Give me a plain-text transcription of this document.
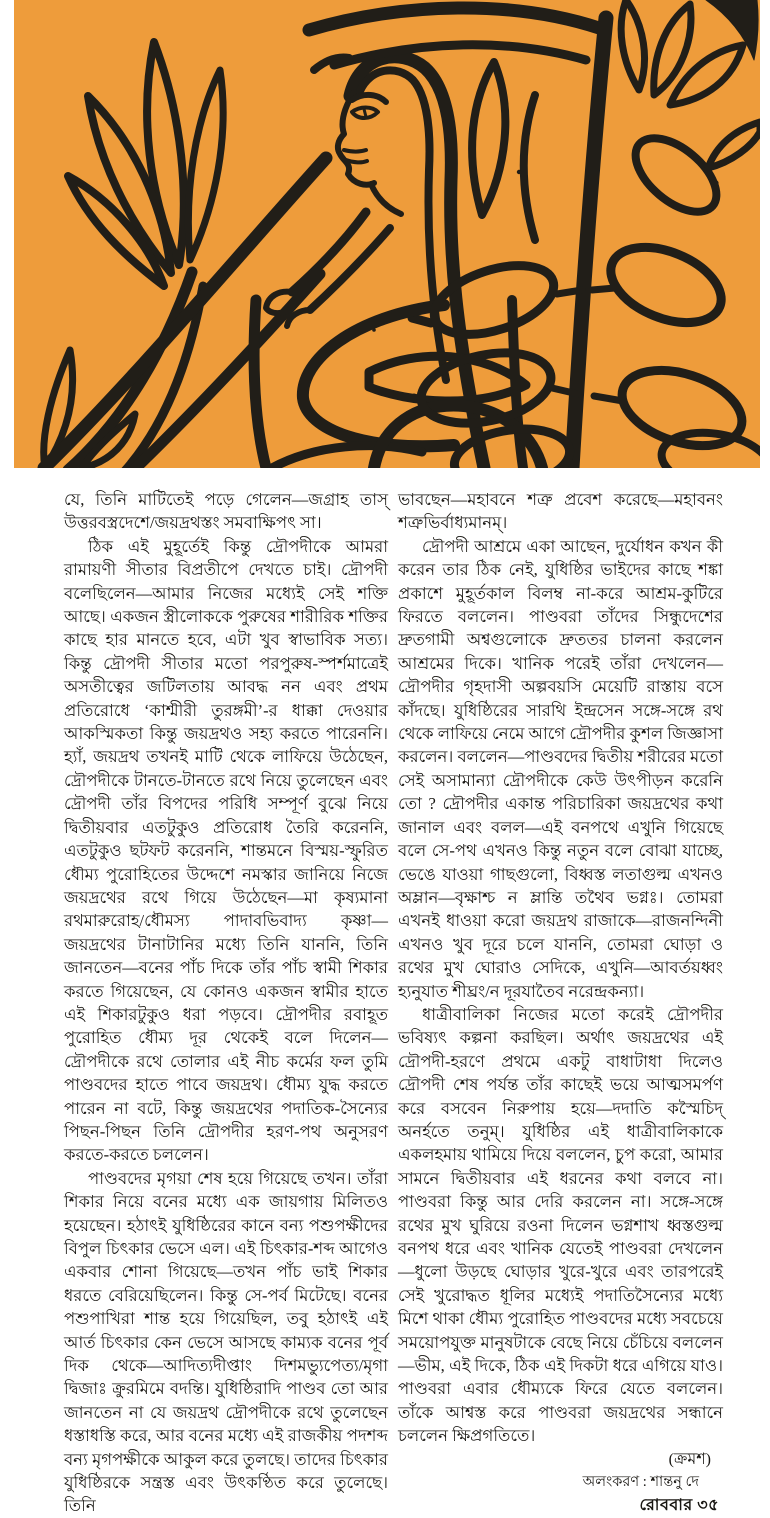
যে, তিনি মাটিতেই পড়ে গেলেন—জগ্রাহ তাস্ উত্তরবস্ত্রদেশে/জয়দ্রথস্তং সমবাক্ষিপৎ সা।

ঠিক এই মুহূর্তেই কিন্তু দ্রৌপদীকে আমরা রামায়ণী সীতার বিপ্রতীপে দেখতে চাই। দ্রৌপদী বলেছিলেন—আমার নিজের মধ্যেই সেই শক্তি আছে। একজন স্ত্রীলোককে পুরুষের শারীরিক শক্তির কাছে হার মানতে হবে, এটা খুব স্বাভাবিক সত্য। কিন্তু দ্রৌপদী সীতার মতো পরপুরুষ-স্পর্শমাত্রেই অসতীত্বের জটিলতায় আবদ্ধ নন এবং প্রথম প্রতিরোধে ‘কাশ্মীরী তুরঙ্গমী’-র ধাক্কা দেওয়ার আকস্মিকতা কিন্তু জয়দ্রথও সহ্য করতে পারেননি। হ্যাঁ, জয়দ্রথ তখনই মাটি থেকে লাফিয়ে উঠেছেন, দ্রৌপদীকে টানতে-টানতে রথে নিয়ে তুলেছেন এবং দ্রৌপদী তাঁর বিপদের পরিধি সম্পূর্ণ বুঝে নিয়ে দ্বিতীয়বার এতটুকুও প্রতিরোধ তৈরি করেননি, এতটুকুও ছটফট করেননি, শান্তমনে বিস্ময়-স্ফুরিত ধৌম্য পুরোহিতের উদ্দেশে নমস্কার জানিয়ে নিজে জয়দ্রথের রথে গিয়ে উঠেছেন—মা কৃষ্যমানা রথমারুরোহ/ধৌমস্য পাদাবভিবাদ্য কৃষ্ণা—জয়দ্রথের টানাটানির মধ্যে তিনি যাননি, তিনি জানতেন—বনের পাঁচ দিকে তাঁর পাঁচ স্বামী শিকার করতে গিয়েছেন, যে কোনও একজন স্বামীর হাতে এই শিকারটুকুও ধরা পড়বে। দ্রৌপদীর রবাহূত পুরোহিত ধৌম্য দূর থেকেই বলে দিলেন—দ্রৌপদীকে রথে তোলার এই নীচ কর্মের ফল তুমি পাণ্ডবদের হাতে পাবে জয়দ্রথ। ধৌম্য যুদ্ধ করতে পারেন না বটে, কিন্তু জয়দ্রথের পদাতিক-সৈন্যের পিছন-পিছন তিনি দ্রৌপদীর হরণ-পথ অনুসরণ করতে-করতে চললেন।

পাণ্ডবদের মৃগয়া শেষ হয়ে গিয়েছে তখন। তাঁরা শিকার নিয়ে বনের মধ্যে এক জায়গায় মিলিতও হয়েছেন। হঠাৎই যুধিষ্ঠিরের কানে বন্য পশুপক্ষীদের বিপুল চিৎকার ভেসে এল। এই চিৎকার-শব্দ আগেও একবার শোনা গিয়েছে—তখন পাঁচ ভাই শিকার ধরতে বেরিয়েছিলেন। কিন্তু সে-পর্ব মিটেছে। বনের পশুপাখিরা শান্ত হয়ে গিয়েছিল, তবু হঠাৎই এই আর্ত চিৎকার কেন ভেসে আসছে কাম্যক বনের পূর্ব দিক থেকে—আদিত্যদীপ্তাং দিশমভ্যুপেত্য/মৃগা দ্বিজাঃ ক্রুরমিমে বদন্তি। যুধিষ্ঠিরাদি পাণ্ডব তো আর জানতেন না যে জয়দ্রথ দ্রৌপদীকে রথে তুলেছেন ধস্তাধস্তি করে, আর বনের মধ্যে এই রাজকীয় পদশব্দ বন্য মৃগপক্ষীকে আকুল করে তুলছে। তাদের চিৎকার যুধিষ্ঠিরকে সন্ত্রস্ত এবং উৎকণ্ঠিত করে তুলেছে। তিনি

ভাবছেন—মহাবনে শত্রু প্রবেশ করেছে—মহাবনং শত্রুভির্বাধ্যমানম্।

দ্রৌপদী আশ্রমে একা আছেন, দুর্যোধন কখন কী করেন তার ঠিক নেই, যুধিষ্ঠির ভাইদের কাছে শঙ্কা প্রকাশে মুহূর্তকাল বিলম্ব না-করে আশ্রম-কুটিরে ফিরতে বললেন। পাণ্ডবরা তাঁদের সিন্ধুদেশের দ্রুতগামী অশ্বগুলোকে দ্রুততর চালনা করলেন আশ্রমের দিকে। খানিক পরেই তাঁরা দেখলেন—দ্রৌপদীর গৃহদাসী অল্পবয়সি মেয়েটি রাস্তায় বসে কাঁদছে। যুধিষ্ঠিরের সারথি ইন্দ্রসেন সঙ্গে-সঙ্গে রথ থেকে লাফিয়ে নেমে আগে দ্রৌপদীর কুশল জিজ্ঞাসা করলেন। বললেন—পাণ্ডবদের দ্বিতীয় শরীরের মতো সেই অসামান্যা দ্রৌপদীকে কেউ উৎপীড়ন করেনি তো ? দ্রৌপদীর একান্ত পরিচারিকা জয়দ্রথের কথা জানাল এবং বলল—এই বনপথে এখুনি গিয়েছে বলে সে-পথ এখনও কিন্তু নতুন বলে বোঝা যাচ্ছে, ভেঙে যাওয়া গাছগুলো, বিধ্বস্ত লতাগুল্ম এখনও অম্লান—বৃক্ষাশ্চ ন ম্লান্তি তথৈব ভগ্নঃ। তোমরা এখনই ধাওয়া করো জয়দ্রথ রাজাকে—রাজনন্দিনী এখনও খুব দূরে চলে যাননি, তোমরা ঘোড়া ও রথের মুখ ঘোরাও সেদিকে, এখুনি—আবর্তয়ধ্বং হ্যনুযাত শীঘ্রং/ন দূরযাতৈব নরেন্দ্রকন্যা।

ধাত্রীবালিকা নিজের মতো করেই দ্রৌপদীর ভবিষ্যৎ কল্পনা করছিল। অর্থাৎ জয়দ্রথের এই দ্রৌপদী-হরণে প্রথমে একটু বাধাটাধা দিলেও দ্রৌপদী শেষ পর্যন্ত তাঁর কাছেই ভয়ে আত্মসমর্পণ করে বসবেন নিরুপায় হয়ে—দদাতি কস্মৈচিদ্ অনর্হতে তনুম্। যুধিষ্ঠির এই ধাত্রীবালিকাকে একলহমায় থামিয়ে দিয়ে বললেন, চুপ করো, আমার সামনে দ্বিতীয়বার এই ধরনের কথা বলবে না। পাণ্ডবরা কিন্তু আর দেরি করলেন না। সঙ্গে-সঙ্গে রথের মুখ ঘুরিয়ে রওনা দিলেন ভগ্নশাখ ধ্বস্তগুল্ম বনপথ ধরে এবং খানিক যেতেই পাণ্ডবরা দেখলেন—ধুলো উড়ছে ঘোড়ার খুরে-খুরে এবং তারপরেই সেই খুরোদ্ধত ধূলির মধ্যেই পদাতিসৈন্যের মধ্যে মিশে থাকা ধৌম্য পুরোহিত পাণ্ডবদের মধ্যে সবচেয়ে সময়োপযুক্ত মানুষটাকে বেছে নিয়ে চেঁচিয়ে বললেন—ভীম, এই দিকে, ঠিক এই দিকটা ধরে এগিয়ে যাও। পাণ্ডবরা এবার ধৌম্যকে ফিরে যেতে বললেন। তাঁকে আশ্বস্ত করে পাণ্ডবরা জয়দ্রথের সন্ধানে চললেন ক্ষিপ্রগতিতে।

(ক্রমশ)

অলংকরণ : শান্তনু দে

রোববার ৩৫
